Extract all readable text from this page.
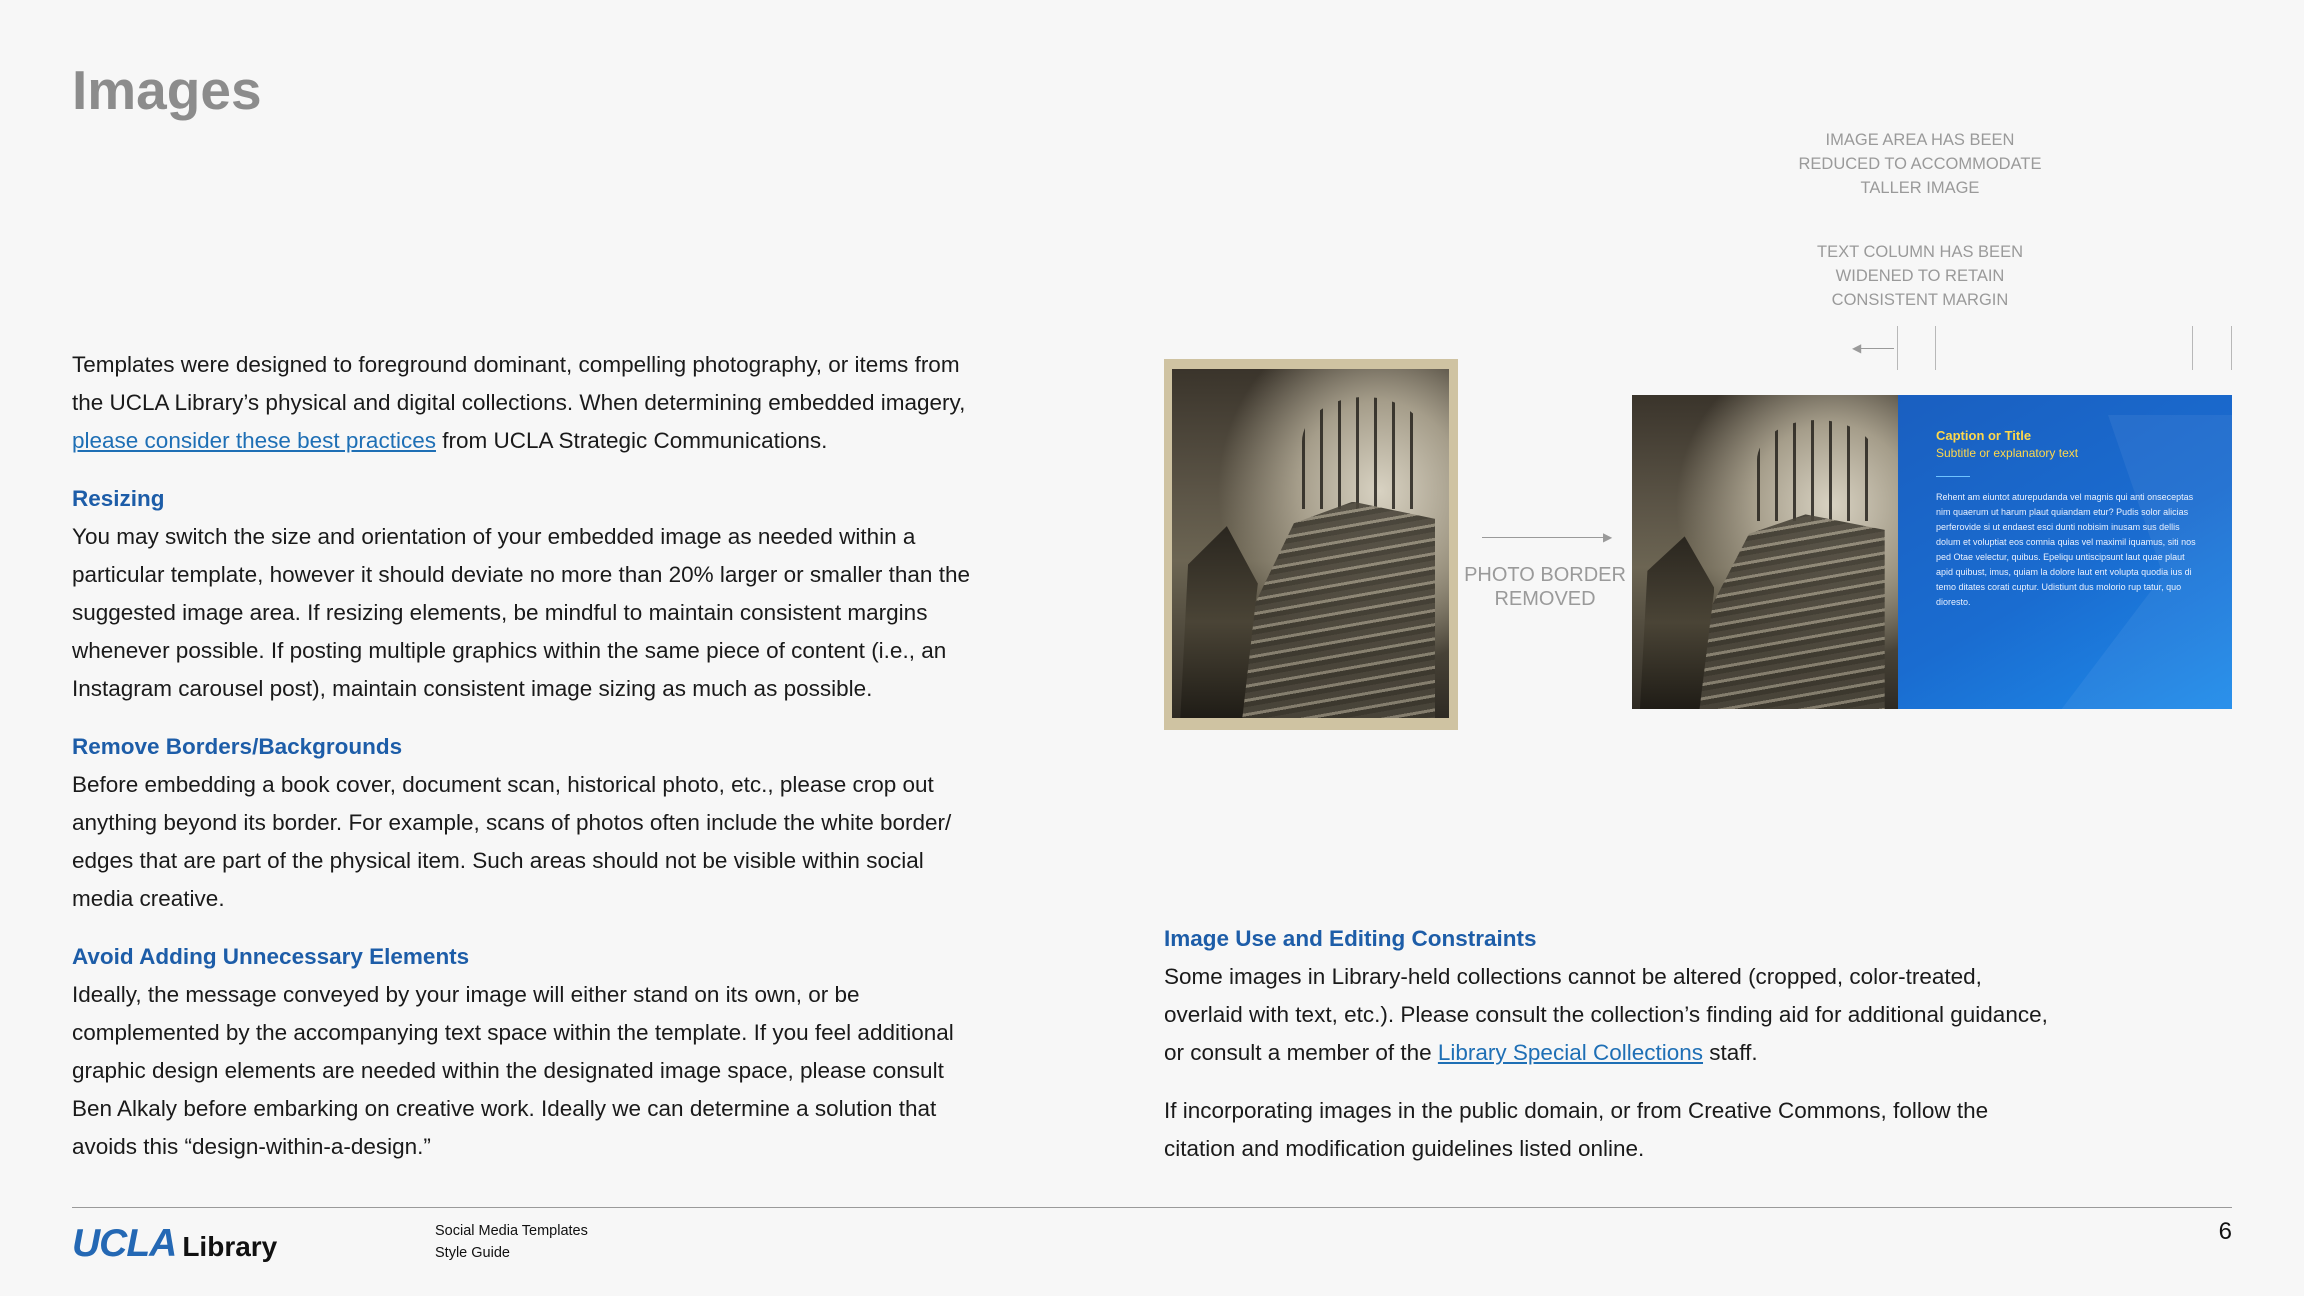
Images

Templates were designed to foreground dominant, compelling photography, or items from the UCLA Library’s physical and digital collections. When determining embedded imagery, please consider these best practices from UCLA Strategic Communications.

Resizing

You may switch the size and orientation of your embedded image as needed within a particular template, however it should deviate no more than 20% larger or smaller than the suggested image area. If resizing elements, be mindful to maintain consistent margins whenever possible. If posting multiple graphics within the same piece of content (i.e., an Instagram carousel post), maintain consistent image sizing as much as possible.

Remove Borders/Backgrounds

Before embedding a book cover, document scan, historical photo, etc., please crop out anything beyond its border. For example, scans of photos often include the white border/ edges that are part of the physical item. Such areas should not be visible within social media creative.

Avoid Adding Unnecessary Elements

Ideally, the message conveyed by your image will either stand on its own, or be complemented by the accompanying text space within the template. If you feel additional graphic design elements are needed within the designated image space, please consult Ben Alkaly before embarking on creative work. Ideally we can determine a solution that avoids this “design-within-a-design.”

IMAGE AREA HAS BEEN REDUCED TO ACCOMMODATE TALLER IMAGE
TEXT COLUMN HAS BEEN WIDENED TO RETAIN CONSISTENT MARGIN
◀
▶
PHOTO BORDER REMOVED
Caption or Title
Subtitle or explanatory text
Rehent am eiuntot aturepudanda vel magnis qui anti onseceptas nim quaerum ut harum plaut quiandam etur? Pudis solor alicias perferovide si ut endaest esci dunti nobisim inusam sus dellis dolum et voluptiat eos comnia quias vel maximil iquamus, siti nos ped Otae velectur, quibus. Epeliqu untiscipsunt laut quae plaut apid quibust, imus, quiam la dolore laut ent volupta quodia ius di temo ditates corati cuptur. Udistiunt dus molorio rup tatur, quo dioresto.
Image Use and Editing Constraints

Some images in Library-held collections cannot be altered (cropped, color-treated, overlaid with text, etc.). Please consult the collection’s finding aid for additional guidance, or consult a member of the Library Special Collections staff.

If incorporating images in the public domain, or from Creative Commons, follow the citation and modification guidelines listed online.

UCLA Library	Social Media Templates
Style Guide
6
